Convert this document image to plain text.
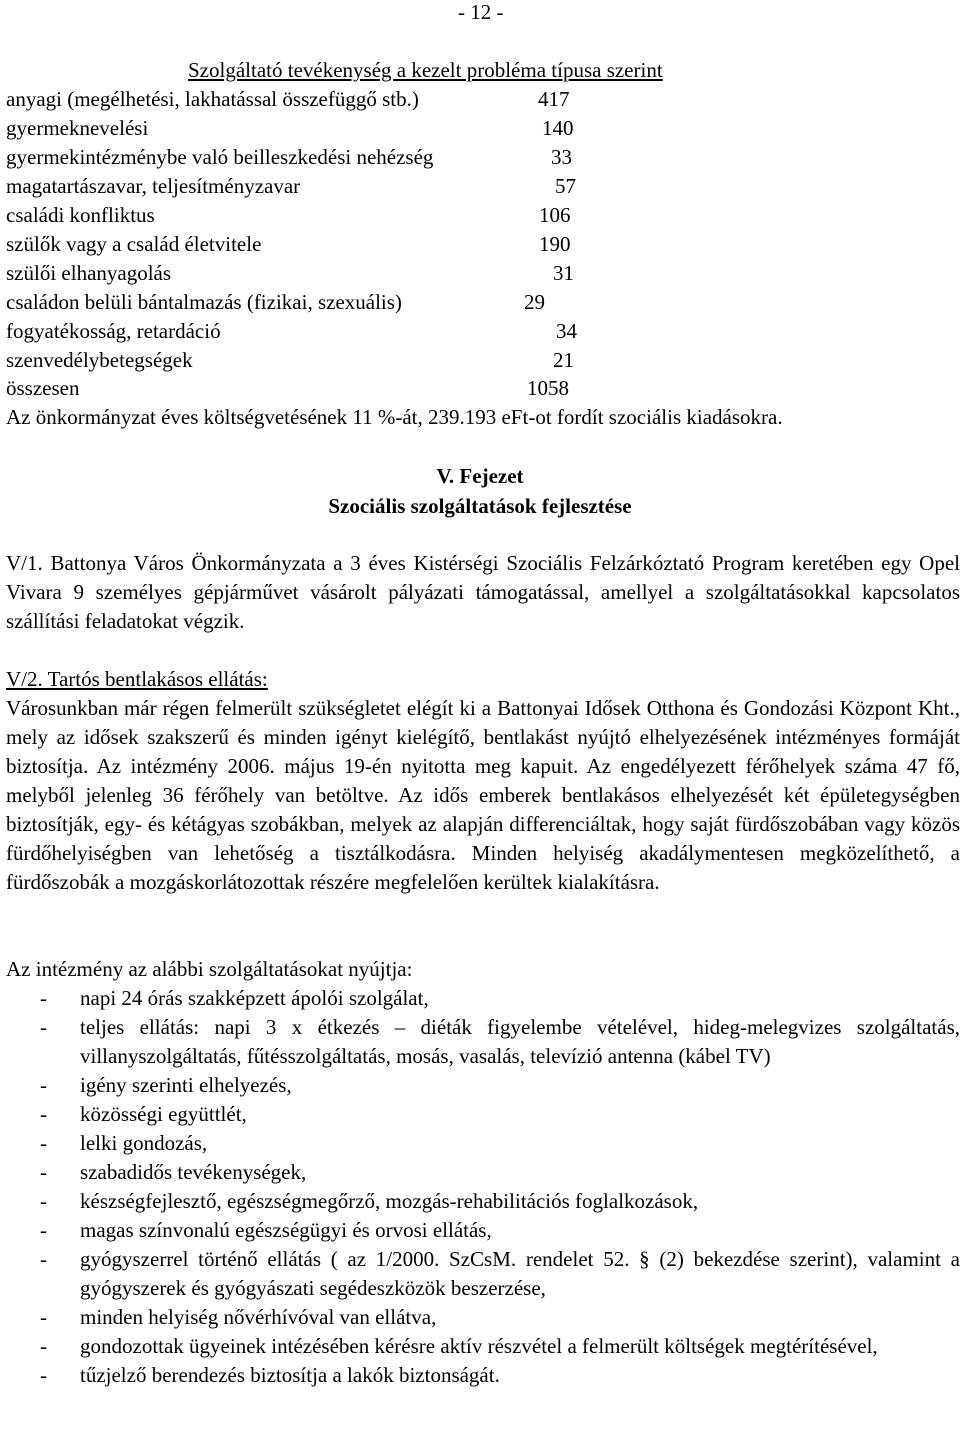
- 12 -
Szolgáltató tevékenység a kezelt probléma típusa szerint
anyagi (megélhetési, lakhatással összefüggő stb.)	417
gyermeknevelési	140
gyermekintézménybe való beilleszkedési nehézség	33
magatartászavar, teljesítményzavar	57
családi konfliktus	106
szülők vagy a család életvitele	190
szülői elhanyagolás	31
családon belüli bántalmazás (fizikai, szexuális)	29
fogyatékosság, retardáció	34
szenvedélybetegségek	21
összesen	1058
Az önkormányzat éves költségvetésének 11 %-át, 239.193 eFt-ot fordít szociális kiadásokra.
V. Fejezet
Szociális szolgáltatások fejlesztése
V/1. Battonya Város Önkormányzata a 3 éves Kistérségi Szociális Felzárkóztató Program keretében egy Opel Vivara 9 személyes gépjárművet vásárolt pályázati támogatással, amellyel a szolgáltatásokkal kapcsolatos szállítási feladatokat végzik.
V/2. Tartós bentlakásos ellátás:
Városunkban már régen felmerült szükségletet elégít ki a Battonyai Idősek Otthona és Gondozási Központ Kht., mely az idősek szakszerű és minden igényt kielégítő, bentlakást nyújtó elhelyezésének intézményes formáját biztosítja. Az intézmény 2006. május 19-én nyitotta meg kapuit. Az engedélyezett férőhelyek száma 47 fő, melyből jelenleg 36 férőhely van betöltve. Az idős emberek bentlakásos elhelyezését két épületegységben biztosítják, egy- és kétágyas szobákban, melyek az alapján differenciáltak, hogy saját fürdőszobában vagy közös fürdőhelyiségben van lehetőség a tisztálkodásra. Minden helyiség akadálymentesen megközelíthető, a fürdőszobák a mozgáskorlátozottak részére megfelelően kerültek kialakításra.
Az intézmény az alábbi szolgáltatásokat nyújtja:
- napi 24 órás szakképzett ápolói szolgálat,
- teljes ellátás: napi 3 x étkezés – diéták figyelembe vételével, hideg-melegvizes szolgáltatás, villanyszolgáltatás, fűtésszolgáltatás, mosás, vasalás, televízió antenna (kábel TV)
- igény szerinti elhelyezés,
- közösségi együttlét,
- lelki gondozás,
- szabadidős tevékenységek,
- készségfejlesztő, egészségmegőrző, mozgás-rehabilitációs foglalkozások,
- magas színvonalú egészségügyi és orvosi ellátás,
- gyógyszerrel történő ellátás ( az 1/2000. SzCsM. rendelet 52. § (2) bekezdése szerint), valamint a gyógyszerek és gyógyászati segédeszközök beszerzése,
- minden helyiség nővérhívóval van ellátva,
- gondozottak ügyeinek intézésében kérésre aktív részvétel a felmerült költségek megtérítésével,
- tűzjelző berendezés biztosítja a lakók biztonságát.
